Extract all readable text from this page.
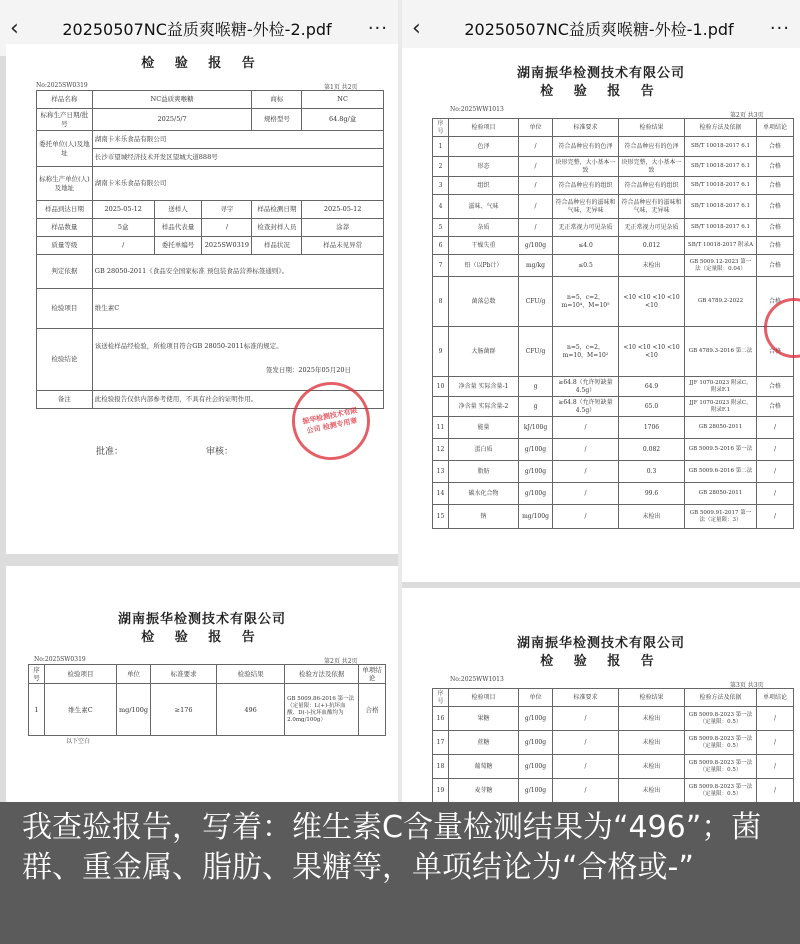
‹	20250507NC益质爽喉糖-外检-2.pdf	···
检 验 报 告
No:2025SW0319	第1页 共2页
样品名称	NC益质爽喉糖			商标	NC
标称生产日期/批号	2025/5/7			规格型号	64.8g/盒
委托单位(人)及地址	湖南卡米乐食品有限公司				
	长沙市望城经济技术开发区望城大道888号				
标称生产单位(人)及地址	湖南卡米乐食品有限公司				
样品到达日期	2025-05-12	送样人	寻宇	样品检测日期	2025-05-12
样品数量	5盒	样品代表量	/	检查封样人员	涂莽
质量等级	/	委托单编号	2025SW0319	样品状况	样品未见异常
判定依据	GB 28050-2011《食品安全国家标准 预包装食品营养标签通则》。				
检验项目	维生素C				
检验结论	该送检样品经检验，所检项目符合GB 28050-2011标准的规定。
签发日期：2025年05月20日				

备注	此检验报告仅供内部参考使用，不具有社会的证明作用。				
振华检测技术有限公司 检测专用章
批准：	审核：
湖南振华检测技术有限公司
检 验 报 告
No:2025SW0319	第2页 共2页
序号	检验项目	单位	标准要求	检验结果	检验方法及依据	单项结论
1	维生素C	mg/100g	≥176	496	GB 5009.86-2016 第一法（定量限：L(+)-抗坏血酸、D(-)-抗坏血酸均为2.0mg/100g）	合格
以下空白
‹	20250507NC益质爽喉糖-外检-1.pdf	···
湖南振华检测技术有限公司
检 验 报 告
No:2025WW1013
第2页 共3页
序号	检验项目	单位	标准要求	检验结果	检验方法及依据	单项结论
1	色泽	/	符合品种应有的色泽	符合品种应有的色泽	SB/T 10018-2017 6.1	合格
2	形态	/	块形完整，大小基本一致	块形完整，大小基本一致	SB/T 10018-2017 6.1	合格
3	组织	/	符合品种应有的组织	符合品种应有的组织	SB/T 10018-2017 6.1	合格
4	滋味、气味	/	符合品种应有的滋味和气味，无异味	符合品种应有的滋味和气味，无异味	SB/T 10018-2017 6.1	合格
5	杂质	/	无正常视力可见杂质	无正常视力可见杂质	SB/T 10018-2017 6.1	合格
6	干燥失重	g/100g	≤4.0	0.012	SB/T 10018-2017 附录A	合格
7	铅（以Pb计）	mg/kg	≤0.5	未检出	GB 5009.12-2023 第一法（定量限：0.04）	合格
8	菌落总数	CFU/g	n=5，c=2，m=10⁴，M=10⁵	<10 <10 <10 <10 <10	GB 4789.2-2022	合格
9	大肠菌群	CFU/g	n=5，c=2，m=10，M=10²	<10 <10 <10 <10 <10	GB 4789.3-2016 第二法	合格
10	净含量 实际含量-1	g	≥64.8（允许短缺量4.5g）	64.9	JJF 1070-2023 附录C，附录F.1	合格
	净含量 实际含量-2	g	≥64.8（允许短缺量4.5g）	65.0	JJF 1070-2023 附录C，附录F.1	合格
11	能量	kJ/100g	/	1706	GB 28050-2011	/
12	蛋白质	g/100g	/	0.082	GB 5009.5-2016 第一法	/
13	脂肪	g/100g	/	0.3	GB 5009.6-2016 第二法	/
14	碳水化合物	g/100g	/	99.6	GB 28050-2011	/
15	钠	mg/100g	/	未检出	GB 5009.91-2017 第一法（定量限：3）	/
湖南振华检测技术有限公司
检 验 报 告
No:2025WW1013
第3页 共3页
序号	检验项目	单位	标准要求	检验结果	检验方法及依据	单项结论
16	果糖	g/100g	/	未检出	GB 5009.8-2023 第一法（定量限：0.5）	/
17	蔗糖	g/100g	/	未检出	GB 5009.8-2023 第一法（定量限：0.5）	/
18	葡萄糖	g/100g	/	未检出	GB 5009.8-2023 第一法（定量限：0.5）	/
19	麦芽糖	g/100g	/	未检出	GB 5009.8-2023 第一法（定量限：0.5）	/
我查验报告，写着：维生素C含量检测结果为“496”；菌群、重金属、脂肪、果糖等，单项结论为“合格或-”
